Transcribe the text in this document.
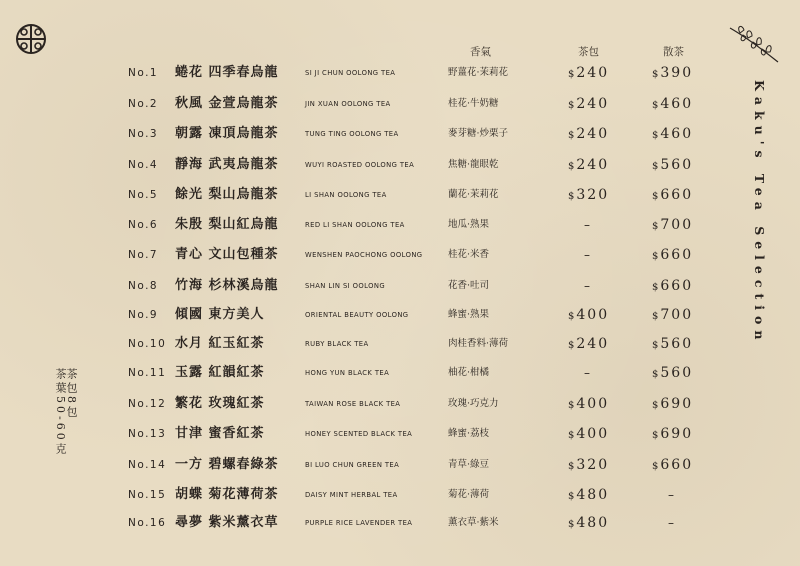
Kaku's Tea Selection
茶包8包
茶葉50-60克
香氣	茶包	散茶
No.1 蜷花 四季春烏龍	SI JI CHUN OOLONG TEA	野薑花·茉莉花	$ 240	$ 390
No.2 秋風 金萱烏龍茶	JIN XUAN OOLONG TEA	桂花·牛奶糖	$ 240	$ 460
No.3 朝露 凍頂烏龍茶	TUNG TING OOLONG TEA	麥芽糖·炒栗子	$ 240	$ 460
No.4 靜海 武夷烏龍茶	WUYI ROASTED OOLONG TEA	焦糖·龍眼乾	$ 240	$ 560
No.5 餘光 梨山烏龍茶	LI SHAN OOLONG TEA	蘭花·茉莉花	$ 320	$ 660
No.6 朱殷 梨山紅烏龍	RED LI SHAN OOLONG TEA	地瓜·熟果	–	$ 700
No.7 青心 文山包種茶	WENSHEN PAOCHONG OOLONG	桂花·米香	–	$ 660
No.8 竹海 杉林溪烏龍	SHAN LIN SI OOLONG	花香·吐司	–	$ 660
No.9 傾國 東方美人	ORIENTAL BEAUTY OOLONG	蜂蜜·熟果	$ 400	$ 700
No.10 水月 紅玉紅茶	RUBY BLACK TEA	肉桂香料·薄荷	$ 240	$ 560
No.11 玉露 紅韻紅茶	HONG YUN BLACK TEA	柚花·柑橘	–	$ 560
No.12 繁花 玫瑰紅茶	TAIWAN ROSE BLACK TEA	玫瑰·巧克力	$ 400	$ 690
No.13 甘津 蜜香紅茶	HONEY SCENTED BLACK TEA	蜂蜜·荔枝	$ 400	$ 690
No.14 一方 碧螺春綠茶	BI LUO CHUN GREEN TEA	青草·綠豆	$ 320	$ 660
No.15 胡蝶 菊花薄荷茶	DAISY MINT HERBAL TEA	菊花·薄荷	$ 480	–
No.16 尋夢 紫米薰衣草	PURPLE RICE LAVENDER TEA	薰衣草·紫米	$ 480	–
